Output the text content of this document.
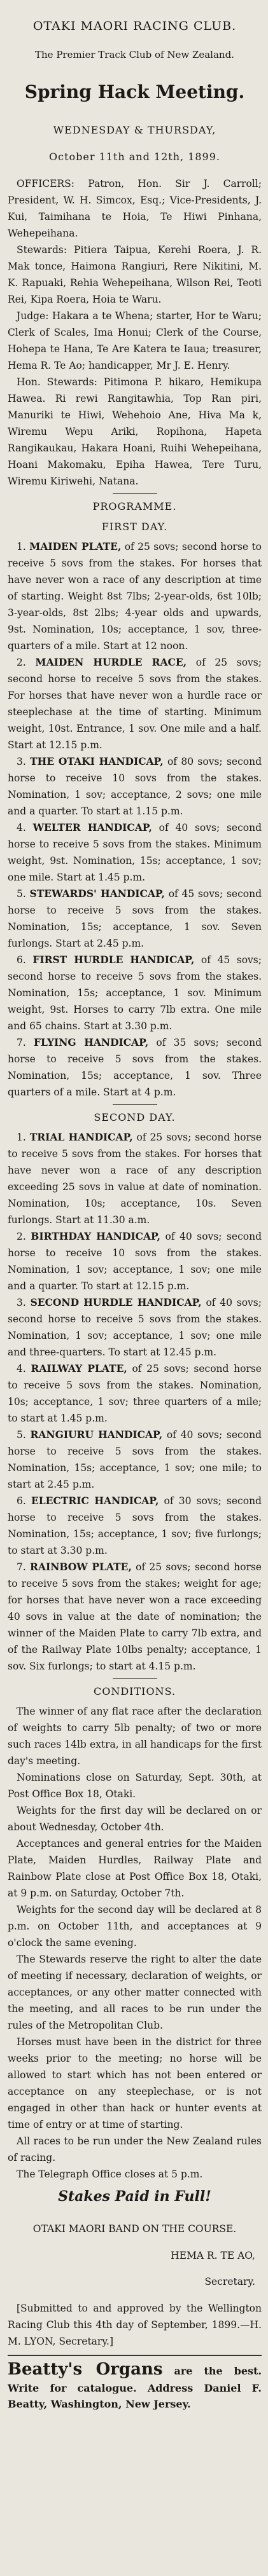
OTAKI MAORI RACING CLUB.

The Premier Track Club of New Zealand.

Spring Hack Meeting.

WEDNESDAY & THURSDAY,

October 11th and 12th, 1899.

OFFICERS: Patron, Hon. Sir J. Carroll; President, W. H. Simcox, Esq.; Vice-Presidents, J. Kui, Taimihana te Hoia, Te Hiwi Pinhana, Wehepeihana.

Stewards: Pitiera Taipua, Kerehi Roera, J. R. Mak tonce, Haimona Rangiuri, Rere Nikitini, M. K. Rapuaki, Rehia Wehepeihana, Wilson Rei, Teoti Rei, Kipa Roera, Hoia te Waru.

Judge: Hakara a te Whena; starter, Hor te Waru; Clerk of Scales, Ima Honui; Clerk of the Course, Hohepa te Hana, Te Are Katera te Iaua; treasurer, Hema R. Te Ao; handicapper, Mr J. E. Henry.

Hon. Stewards: Pitimona P. hikaro, Hemikupa Hawea. Ri rewi Rangitawhia, Top Ran piri, Manuriki te Hiwi, Wehehoio Ane, Hiva Ma k, Wiremu Wepu Ariki, Ropihona, Hapeta Rangikaukau, Hakara Hoani, Ruihi Wehepeihana, Hoani Makomaku, Epiha Hawea, Tere Turu, Wiremu Kiriwehi, Natana.

PROGRAMME.

FIRST DAY.

1. MAIDEN PLATE, of 25 sovs; second horse to receive 5 sovs from the stakes. For horses that have never won a race of any description at time of starting. Weight 8st 7lbs; 2-year-olds, 6st 10lb; 3-year-olds, 8st 2lbs; 4-year olds and upwards, 9st. Nomination, 10s; acceptance, 1 sov, three-quarters of a mile. Start at 12 noon.

2. MAIDEN HURDLE RACE, of 25 sovs; second horse to receive 5 sovs from the stakes. For horses that have never won a hurdle race or steeplechase at the time of starting. Minimum weight, 10st. Entrance, 1 sov. One mile and a half. Start at 12.15 p.m.

3. THE OTAKI HANDICAP, of 80 sovs; second horse to receive 10 sovs from the stakes. Nomination, 1 sov; acceptance, 2 sovs; one mile and a quarter. To start at 1.15 p.m.

4. WELTER HANDICAP, of 40 sovs; second horse to receive 5 sovs from the stakes. Minimum weight, 9st. Nomination, 15s; acceptance, 1 sov; one mile. Start at 1.45 p.m.

5. STEWARDS' HANDICAP, of 45 sovs; second horse to receive 5 sovs from the stakes. Nomination, 15s; acceptance, 1 sov. Seven furlongs. Start at 2.45 p.m.

6. FIRST HURDLE HANDICAP, of 45 sovs; second horse to receive 5 sovs from the stakes. Nomination, 15s; acceptance, 1 sov. Minimum weight, 9st. Horses to carry 7lb extra. One mile and 65 chains. Start at 3.30 p.m.

7. FLYING HANDICAP, of 35 sovs; second horse to receive 5 sovs from the stakes. Nomination, 15s; acceptance, 1 sov. Three quarters of a mile. Start at 4 p.m.

SECOND DAY.

1. TRIAL HANDICAP, of 25 sovs; second horse to receive 5 sovs from the stakes. For horses that have never won a race of any description exceeding 25 sovs in value at date of nomination. Nomination, 10s; acceptance, 10s. Seven furlongs. Start at 11.30 a.m.

2. BIRTHDAY HANDICAP, of 40 sovs; second horse to receive 10 sovs from the stakes. Nomination, 1 sov; acceptance, 1 sov; one mile and a quarter. To start at 12.15 p.m.

3. SECOND HURDLE HANDICAP, of 40 sovs; second horse to receive 5 sovs from the stakes. Nomination, 1 sov; acceptance, 1 sov; one mile and three-quarters. To start at 12.45 p.m.

4. RAILWAY PLATE, of 25 sovs; second horse to receive 5 sovs from the stakes. Nomination, 10s; acceptance, 1 sov; three quarters of a mile; to start at 1.45 p.m.

5. RANGIURU HANDICAP, of 40 sovs; second horse to receive 5 sovs from the stakes. Nomination, 15s; acceptance, 1 sov; one mile; to start at 2.45 p.m.

6. ELECTRIC HANDICAP, of 30 sovs; second horse to receive 5 sovs from the stakes. Nomination, 15s; acceptance, 1 sov; five furlongs; to start at 3.30 p.m.

7. RAINBOW PLATE, of 25 sovs; second horse to receive 5 sovs from the stakes; weight for age; for horses that have never won a race exceeding 40 sovs in value at the date of nomination; the winner of the Maiden Plate to carry 7lb extra, and of the Railway Plate 10lbs penalty; acceptance, 1 sov. Six furlongs; to start at 4.15 p.m.

CONDITIONS.

The winner of any flat race after the declaration of weights to carry 5lb penalty; of two or more such races 14lb extra, in all handicaps for the first day's meeting.

Nominations close on Saturday, Sept. 30th, at Post Office Box 18, Otaki.

Weights for the first day will be declared on or about Wednesday, October 4th.

Acceptances and general entries for the Maiden Plate, Maiden Hurdles, Railway Plate and Rainbow Plate close at Post Office Box 18, Otaki, at 9 p.m. on Saturday, October 7th.

Weights for the second day will be declared at 8 p.m. on October 11th, and acceptances at 9 o'clock the same evening.

The Stewards reserve the right to alter the date of meeting if necessary, declaration of weights, or acceptances, or any other matter connected with the meeting, and all races to be run under the rules of the Metropolitan Club.

Horses must have been in the district for three weeks prior to the meeting; no horse will be allowed to start which has not been entered or acceptance on any steeplechase, or is not engaged in other than hack or hunter events at time of entry or at time of starting.

All races to be run under the New Zealand rules of racing.

The Telegraph Office closes at 5 p.m.

Stakes Paid in Full!

OTAKI MAORI BAND ON THE COURSE.

HEMA R. TE AO,

Secretary.

[Submitted to and approved by the Wellington Racing Club this 4th day of September, 1899.—H. M. LYON, Secretary.]

Beatty's Organs are the best. Write for catalogue. Address Daniel F. Beatty, Washington, New Jersey.
